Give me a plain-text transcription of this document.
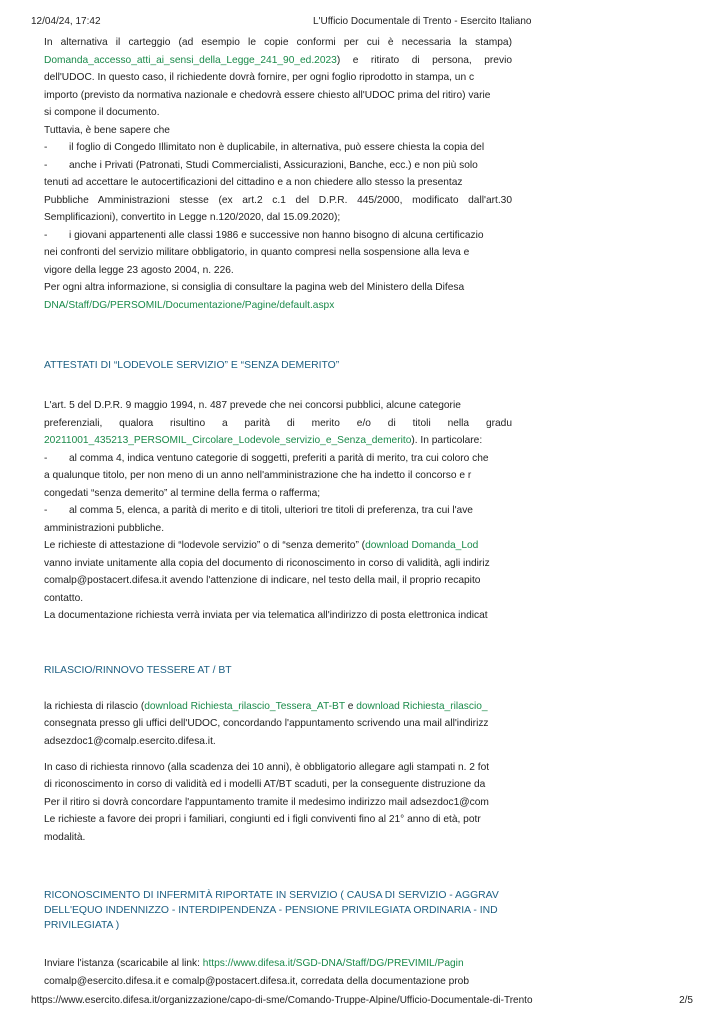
12/04/24, 17:42	L'Ufficio Documentale di Trento - Esercito Italiano
In alternativa il carteggio (ad esempio le copie conformi per cui è necessaria la stampa)
Domanda_accesso_atti_ai_sensi_della_Legge_241_90_ed.2023) e ritirato di persona, previo
dell'UDOC. In questo caso, il richiedente dovrà fornire, per ogni foglio riprodotto in stampa, un c
importo (previsto da normativa nazionale e chedovrà essere chiesto all'UDOC prima del ritiro) varie
si compone il documento.
Tuttavia, è bene sapere che
- il foglio di Congedo Illimitato non è duplicabile, in alternativa, può essere chiesta la copia del
- anche i Privati (Patronati, Studi Commercialisti, Assicurazioni, Banche, ecc.) e non più solo
tenuti ad accettare le autocertificazioni del cittadino e a non chiedere allo stesso la presentaz
Pubbliche Amministrazioni stesse (ex art.2 c.1 del D.P.R. 445/2000, modificato dall'art.30
Semplificazioni), convertito in Legge n.120/2020, dal 15.09.2020);
- i giovani appartenenti alle classi 1986 e successive non hanno bisogno di alcuna certificazio
nei confronti del servizio militare obbligatorio, in quanto compresi nella sospensione alla leva e
vigore della legge 23 agosto 2004, n. 226.
Per ogni altra informazione, si consiglia di consultare la pagina web del Ministero della Difesa
DNA/Staff/DG/PERSOMIL/Documentazione/Pagine/default.aspx
ATTESTATI DI “LODEVOLE SERVIZIO” E “SENZA DEMERITO”
L'art. 5 del D.P.R. 9 maggio 1994, n. 487 prevede che nei concorsi pubblici, alcune categorie
preferenziali, qualora risultino a parità di merito e/o di titoli nella gradu
20211001_435213_PERSOMIL_Circolare_Lodevole_servizio_e_Senza_demerito). In particolare:
- al comma 4, indica ventuno categorie di soggetti, preferiti a parità di merito, tra cui coloro che
a qualunque titolo, per non meno di un anno nell'amministrazione che ha indetto il concorso e r
congedati “senza demerito” al termine della ferma o rafferma;
- al comma 5, elenca, a parità di merito e di titoli, ulteriori tre titoli di preferenza, tra cui l'ave
amministrazioni pubbliche.
Le richieste di attestazione di “lodevole servizio” o di “senza demerito” (download Domanda_Lod
vanno inviate unitamente alla copia del documento di riconoscimento in corso di validità, agli indiriz
comalp@postacert.difesa.it avendo l'attenzione di indicare, nel testo della mail, il proprio recapito
contatto.
La documentazione richiesta verrà inviata per via telematica all'indirizzo di posta elettronica indicat
RILASCIO/RINNOVO TESSERE AT / BT
la richiesta di rilascio (download Richiesta_rilascio_Tessera_AT-BT e download Richiesta_rilascio_
consegnata presso gli uffici dell'UDOC, concordando l'appuntamento scrivendo una mail all'indirizz
adsezdoc1@comalp.esercito.difesa.it.
In caso di richiesta rinnovo (alla scadenza dei 10 anni), è obbligatorio allegare agli stampati n. 2 fot
di riconoscimento in corso di validità ed i modelli AT/BT scaduti, per la conseguente distruzione da
Per il ritiro si dovrà concordare l'appuntamento tramite il medesimo indirizzo mail adsezdoc1@com
Le richieste a favore dei propri i familiari, congiunti ed i figli conviventi fino al 21° anno di età, potr
modalità.
RICONOSCIMENTO DI INFERMITÀ RIPORTATE IN SERVIZIO ( CAUSA DI SERVIZIO - AGGRAV
DELL'EQUO INDENNIZZO - INTERDIPENDENZA - PENSIONE PRIVILEGIATA ORDINARIA - IND
PRIVILEGIATA )
Inviare l'istanza (scaricabile al link: https://www.difesa.it/SGD-DNA/Staff/DG/PREVIMIL/Pagin
comalp@esercito.difesa.it e comalp@postacert.difesa.it, corredata della documentazione prob
https://www.esercito.difesa.it/organizzazione/capo-di-sme/Comando-Truppe-Alpine/Ufficio-Documentale-di-Trento	2/5
